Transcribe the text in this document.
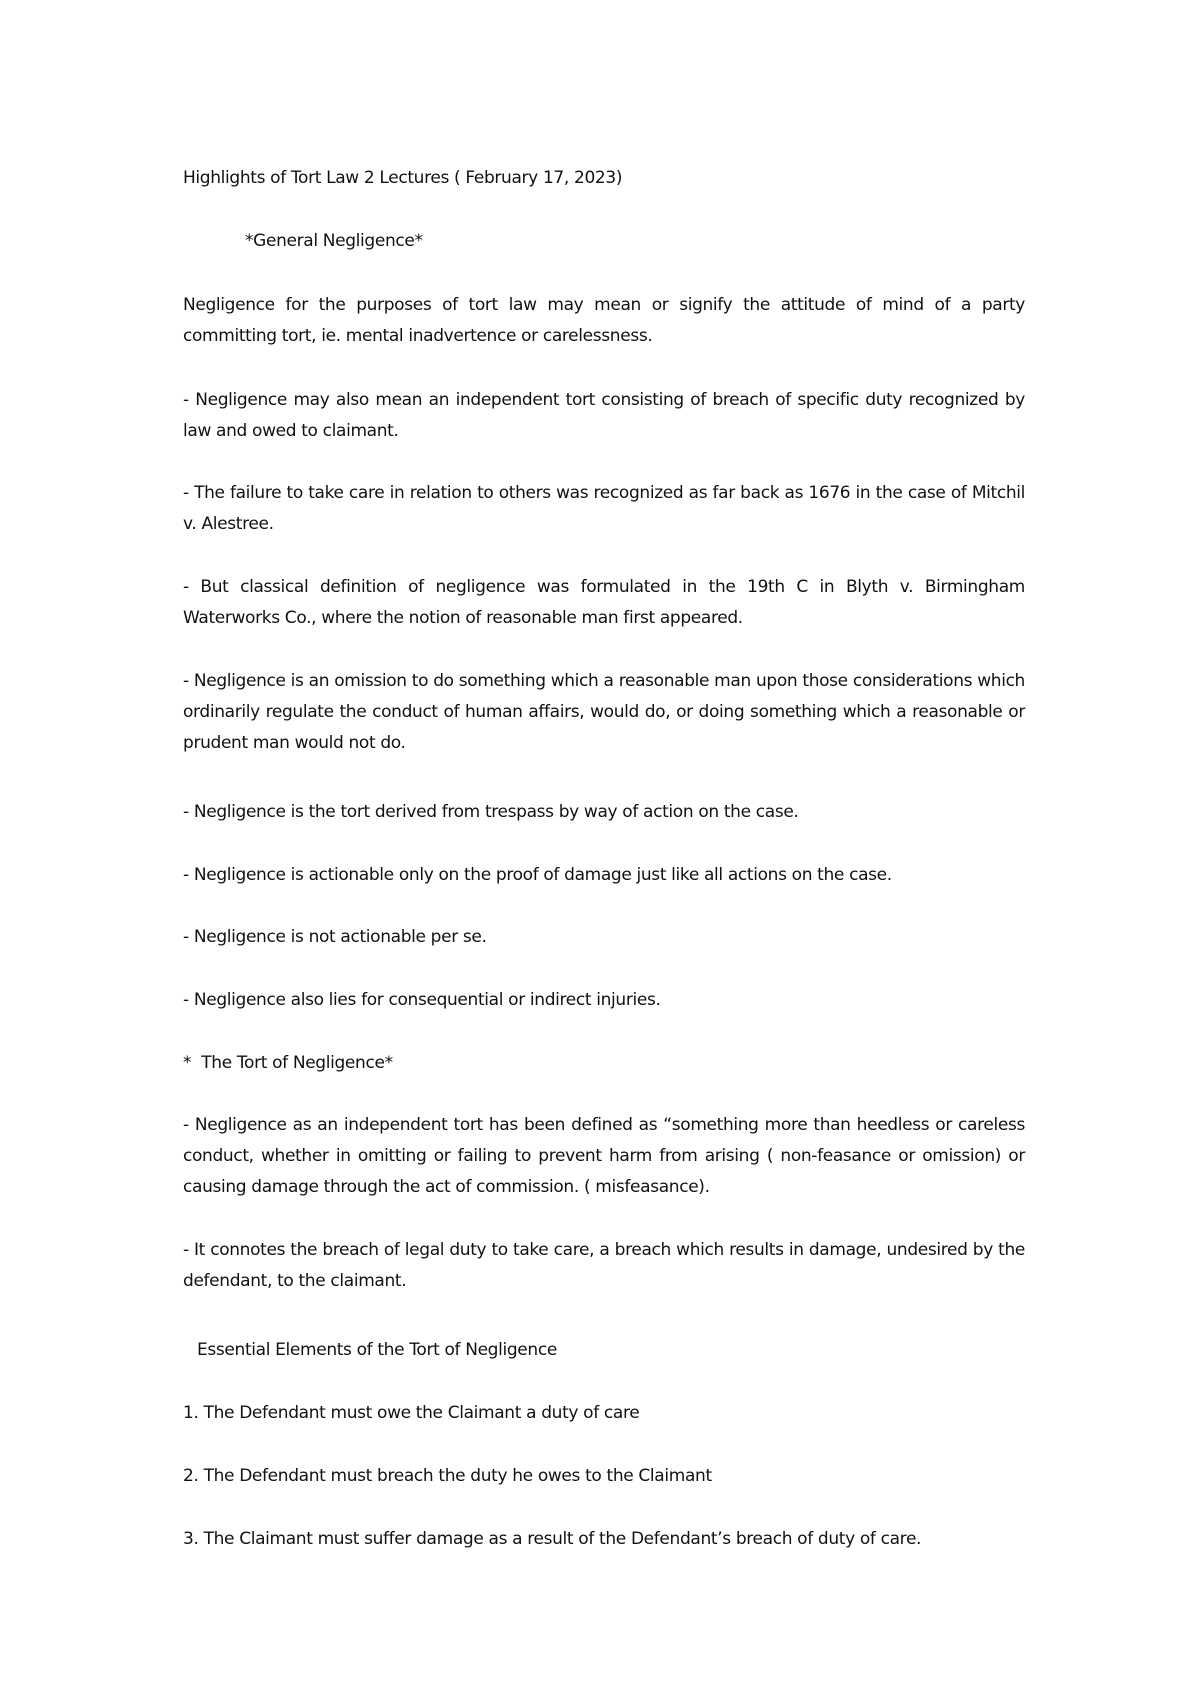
Highlights of Tort Law 2 Lectures ( February 17, 2023)
*General Negligence*
Negligence for the purposes of tort law may mean or signify the attitude of mind of a party committing tort, ie. mental inadvertence or carelessness.
- Negligence may also mean an independent tort consisting of breach of specific duty recognized by law and owed to claimant.
- The failure to take care in relation to others was recognized as far back as 1676 in the case of Mitchil v. Alestree.
- But classical definition of negligence was formulated in the 19th C in Blyth v. Birmingham Waterworks Co., where the notion of reasonable man first appeared.
- Negligence is an omission to do something which a reasonable man upon those considerations which ordinarily regulate the conduct of human affairs, would do, or doing something which a reasonable or prudent man would not do.
- Negligence is the tort derived from trespass by way of action on the case.
- Negligence is actionable only on the proof of damage just like all actions on the case.
- Negligence is not actionable per se.
- Negligence also lies for consequential or indirect injuries.
*  The Tort of Negligence*
- Negligence as an independent tort has been defined as “something more than heedless or careless conduct, whether in omitting or failing to prevent harm from arising ( non-feasance or omission) or causing damage through the act of commission. ( misfeasance).
- It connotes the breach of legal duty to take care, a breach which results in damage, undesired by the defendant, to the claimant.
Essential Elements of the Tort of Negligence
1. The Defendant must owe the Claimant a duty of care
2. The Defendant must breach the duty he owes to the Claimant
3. The Claimant must suffer damage as a result of the Defendant’s breach of duty of care.
